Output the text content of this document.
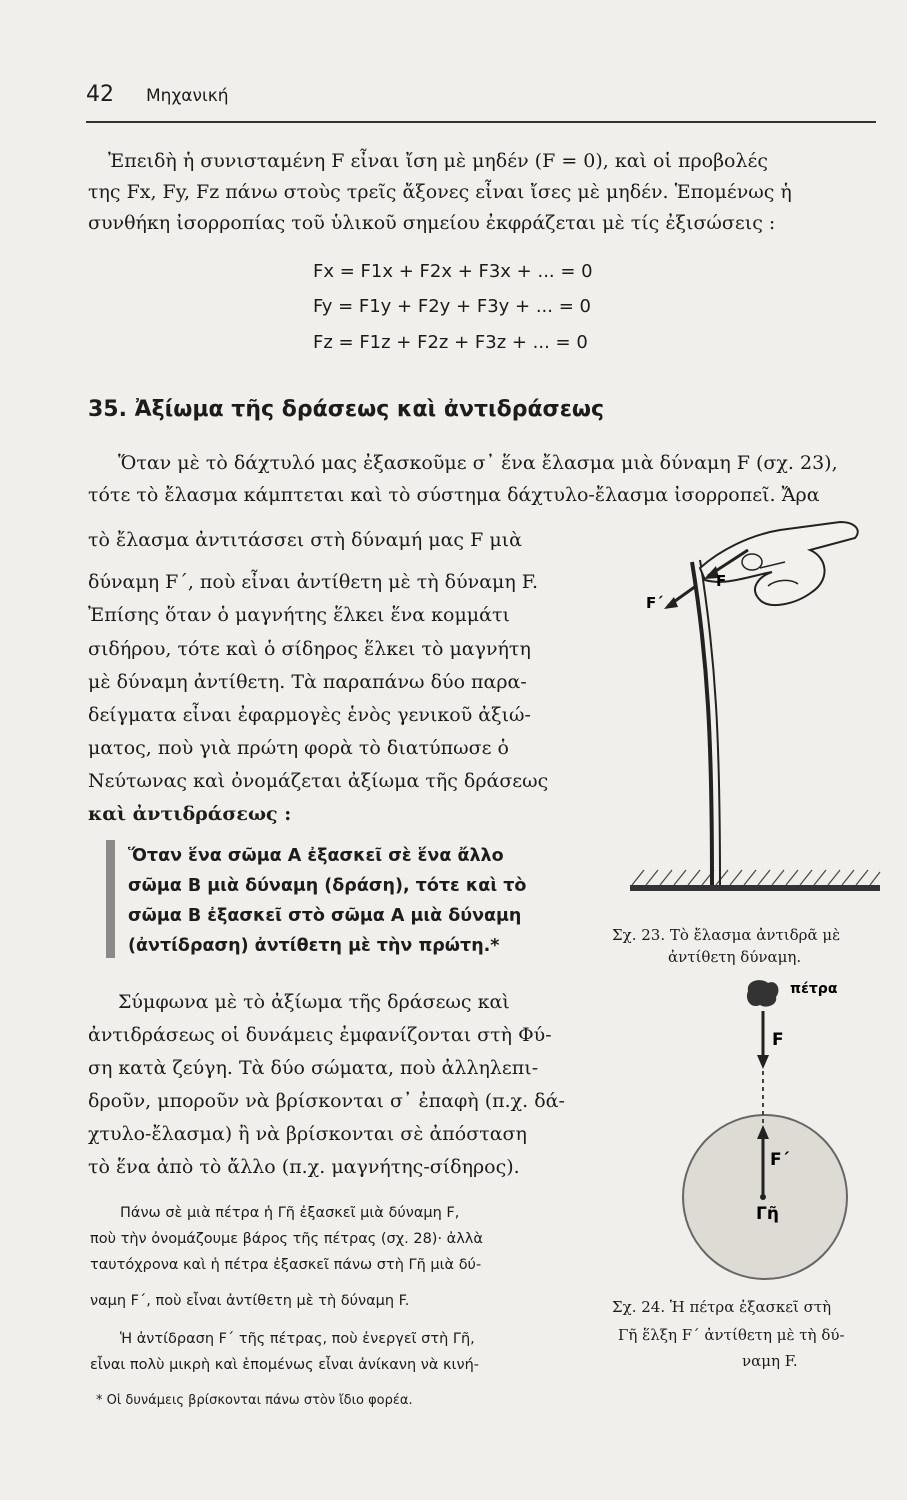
42 Μηχανική
Ἐπειδὴ ἡ συνισταμένη F εἶναι ἴση μὲ μηδέν (F = 0), καὶ οἱ προβολές
της Fx, Fy, Fz πάνω στοὺς τρεῖς ἄξονες εἶναι ἴσες μὲ μηδέν. Ἑπομένως ἡ
συνθήκη ἰσορροπίας τοῦ ὑλικοῦ σημείου ἐκφράζεται μὲ τίς ἐξισώσεις :
Fx = F1x + F2x + F3x + ... = 0
Fy = F1y + F2y + F3y + ... = 0
Fz = F1z + F2z + F3z + ... = 0
35. Ἀξίωμα τῆς δράσεως καὶ ἀντιδράσεως
Ὅταν μὲ τὸ δάχτυλό μας ἐξασκοῦμε σ᾽ ἕνα ἔλασμα μιὰ δύναμη F (σχ. 23),
τότε τὸ ἔλασμα κάμπτεται καὶ τὸ σύστημα δάχτυλο-ἔλασμα ἰσορροπεῖ. Ἄρα
τὸ ἔλασμα ἀντιτάσσει στὴ δύναμή μας F μιὰ
δύναμη F΄, ποὺ εἶναι ἀντίθετη μὲ τὴ δύναμη F.
Ἐπίσης ὅταν ὁ μαγνήτης ἕλκει ἕνα κομμάτι
σιδήρου, τότε καὶ ὁ σίδηρος ἕλκει τὸ μαγνήτη
μὲ δύναμη ἀντίθετη. Τὰ παραπάνω δύο παρα-
δείγματα εἶναι ἐφαρμογὲς ἑνὸς γενικοῦ ἀξιώ-
ματος, ποὺ γιὰ πρώτη φορὰ τὸ διατύπωσε ὁ
Νεύτωνας καὶ ὀνομάζεται ἀξίωμα τῆς δράσεως
καὶ ἀντιδράσεως :
Ὅταν ἕνα σῶμα Α ἐξασκεῖ σὲ ἕνα ἄλλο
σῶμα Β μιὰ δύναμη (δράση), τότε καὶ τὸ
σῶμα Β ἐξασκεῖ στὸ σῶμα Α μιὰ δύναμη
(ἀντίδραση) ἀντίθετη μὲ τὴν πρώτη.*
Σύμφωνα μὲ τὸ ἀξίωμα τῆς δράσεως καὶ
ἀντιδράσεως οἱ δυνάμεις ἐμφανίζονται στὴ Φύ-
ση κατὰ ζεύγη. Τὰ δύο σώματα, ποὺ ἀλληλεπι-
δροῦν, μποροῦν νὰ βρίσκονται σ᾽ ἐπαφὴ (π.χ. δά-
χτυλο-ἔλασμα) ἢ νὰ βρίσκονται σὲ ἀπόσταση
τὸ ἕνα ἀπὸ τὸ ἄλλο (π.χ. μαγνήτης-σίδηρος).
Πάνω σὲ μιὰ πέτρα ἡ Γῆ ἐξασκεῖ μιὰ δύναμη F,
ποὺ τὴν ὀνομάζουμε βάρος τῆς πέτρας (σχ. 28)· ἀλλὰ
ταυτόχρονα καὶ ἡ πέτρα ἐξασκεῖ πάνω στὴ Γῆ μιὰ δύ-
ναμη F΄, ποὺ εἶναι ἀντίθετη μὲ τὴ δύναμη F.
Ἡ ἀντίδραση F΄ τῆς πέτρας, ποὺ ἐνεργεῖ στὴ Γῆ,
εἶναι πολὺ μικρὴ καὶ ἑπομένως εἶναι ἀνίκανη νὰ κινή-
* Οἱ δυνάμεις βρίσκονται πάνω στὸν ἴδιο φορέα.
F
F΄
Σχ. 23. Τὸ ἔλασμα ἀντιδρᾶ μὲ
ἀντίθετη δύναμη.
πέτρα
F
F΄
Γῆ
Σχ. 24. Ἡ πέτρα ἐξασκεῖ στὴ
Γῆ ἕλξη F΄ ἀντίθετη μὲ τὴ δύ-
ναμη F.
